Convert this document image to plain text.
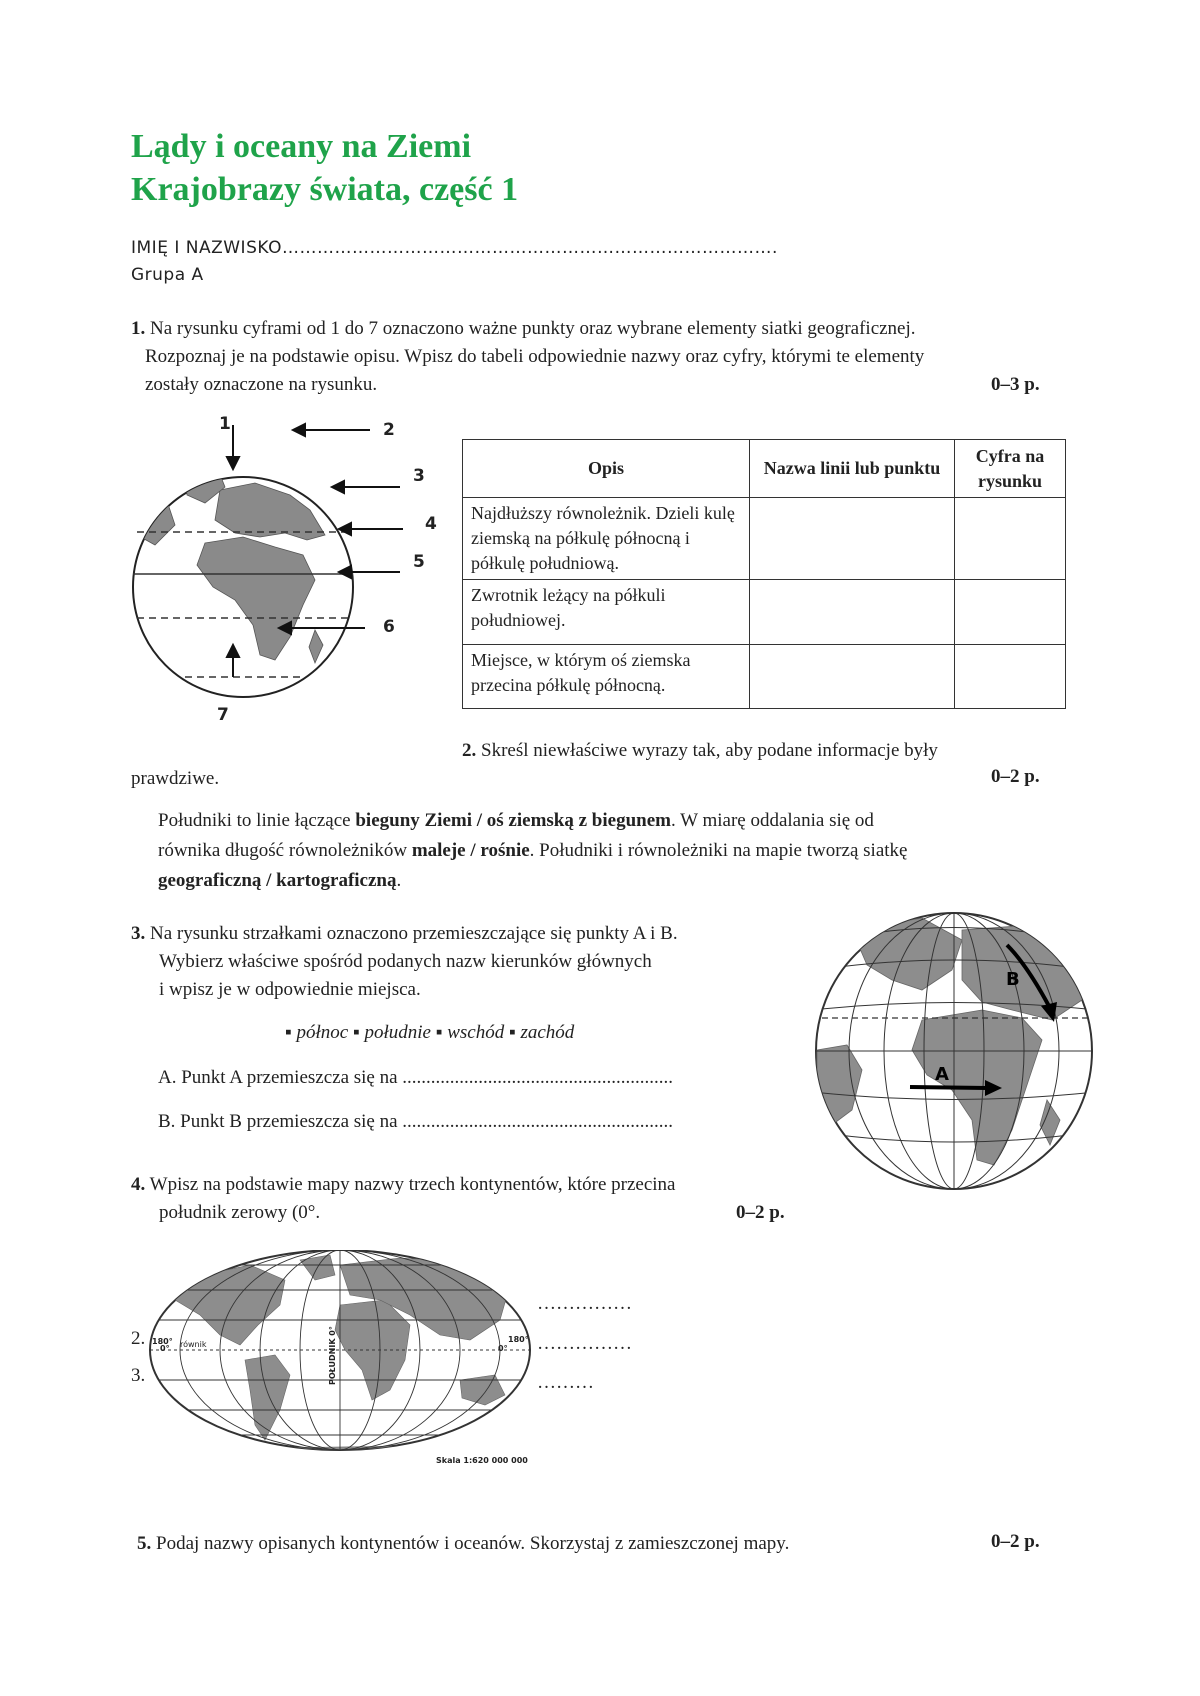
Lądy i oceany na Ziemi
Krajobrazy świata, część 1
IMIĘ I NAZWISKO………………………………………………………………………….
Grupa A
1. Na rysunku cyframi od 1 do 7 oznaczono ważne punkty oraz wybrane elementy siatki geograficznej.
Rozpoznaj je na podstawie opisu. Wpisz do tabeli odpowiednie nazwy oraz cyfry, którymi te elementy
zostały oznaczone na rysunku.	0–3 p.
1	2
3
4
5
6
7
Opis	Nazwa linii lub punktu	Cyfra na rysunku
Najdłuższy równoleżnik. Dzieli kulę ziemską na półkulę północną i półkulę południową.		
Zwrotnik leżący na półkuli południowej.		
Miejsce, w którym oś ziemska przecina półkulę północną.		
2. Skreśl niewłaściwe wyrazy tak, aby podane informacje były
prawdziwe.	0–2 p.
Południki to linie łączące bieguny Ziemi / oś ziemską z biegunem. W miarę oddalania się od
równika długość równoleżników maleje / rośnie. Południki i równoleżniki na mapie tworzą siatkę
geograficzną / kartograficzną.
3. Na rysunku strzałkami oznaczono przemieszczające się punkty A i B.
Wybierz właściwe spośród podanych nazw kierunków głównych
i wpisz je w odpowiednie miejsca.
▪ północ ▪ południe ▪ wschód ▪ zachód
A. Punkt A przemieszcza się na .........................................................
B. Punkt B przemieszcza się na .........................................................
A
B
4. Wpisz na podstawie mapy nazwy trzech kontynentów, które przecina
południk zerowy (0°.	0–2 p.
180°
0° równik
180°
0°
POŁUDNIK 0°
Skala 1:620 000 000
2.
3.
……………
……………
………
5. Podaj nazwy opisanych kontynentów i oceanów. Skorzystaj z zamieszczonej mapy.	0–2 p.
